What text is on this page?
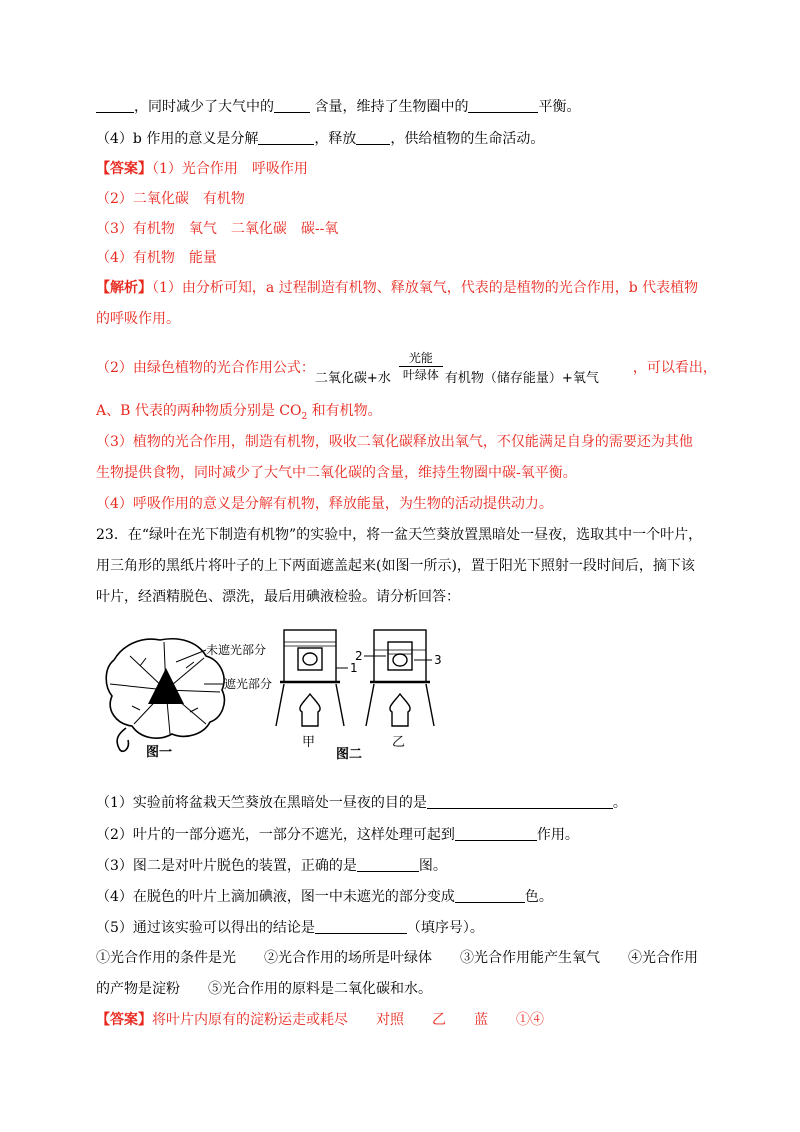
，同时减少了大气中的	含量，维持了生物圈中的	平衡。
（4）b 作用的意义是分解	，释放 ，供给植物的生命活动。
【答案】（1）光合作用　呼吸作用
（2）二氧化碳　有机物
（3）有机物　氧气　二氧化碳　碳--氧
（4）有机物　能量
【解析】（1）由分析可知，a 过程制造有机物、释放氧气，代表的是植物的光合作用，b 代表植物
的呼吸作用。
（2）由绿色植物的光合作用公式：
二氧化碳+水
光能
叶绿体 有机物（储存能量）+氧气
，可以看出，
A、B 代表的两种物质分别是 $CO_2$ 和有机物。
（3）植物的光合作用，制造有机物，吸收二氧化碳释放出氧气，不仅能满足自身的需要还为其他
生物提供食物，同时减少了大气中二氧化碳的含量，维持生物圈中碳-氧平衡。
（4）呼吸作用的意义是分解有机物，释放能量，为生物的活动提供动力。
23．在“绿叶在光下制造有机物”的实验中，将一盆天竺葵放置黑暗处一昼夜，选取其中一个叶片，
用三角形的黑纸片将叶子的上下两面遮盖起来(如图一所示)，置于阳光下照射一段时间后，摘下该
叶片，经酒精脱色、漂洗，最后用碘液检验。请分析回答：
未遮光部分
遮光部分
图一
1
甲
2	3
乙
图二
（1）实验前将盆栽天竺葵放在黑暗处一昼夜的目的是	。
（2）叶片的一部分遮光，一部分不遮光，这样处理可起到	作用。
（3）图二是对叶片脱色的装置，正确的是	图。
（4）在脱色的叶片上滴加碘液，图一中未遮光的部分变成	色。
（5）通过该实验可以得出的结论是	（填序号）。
①光合作用的条件是光　　②光合作用的场所是叶绿体　　③光合作用能产生氧气　　④光合作用
的产物是淀粉　　⑤光合作用的原料是二氧化碳和水。
【答案】将叶片内原有的淀粉运走或耗尽　　对照　　乙　　蓝　　①④
